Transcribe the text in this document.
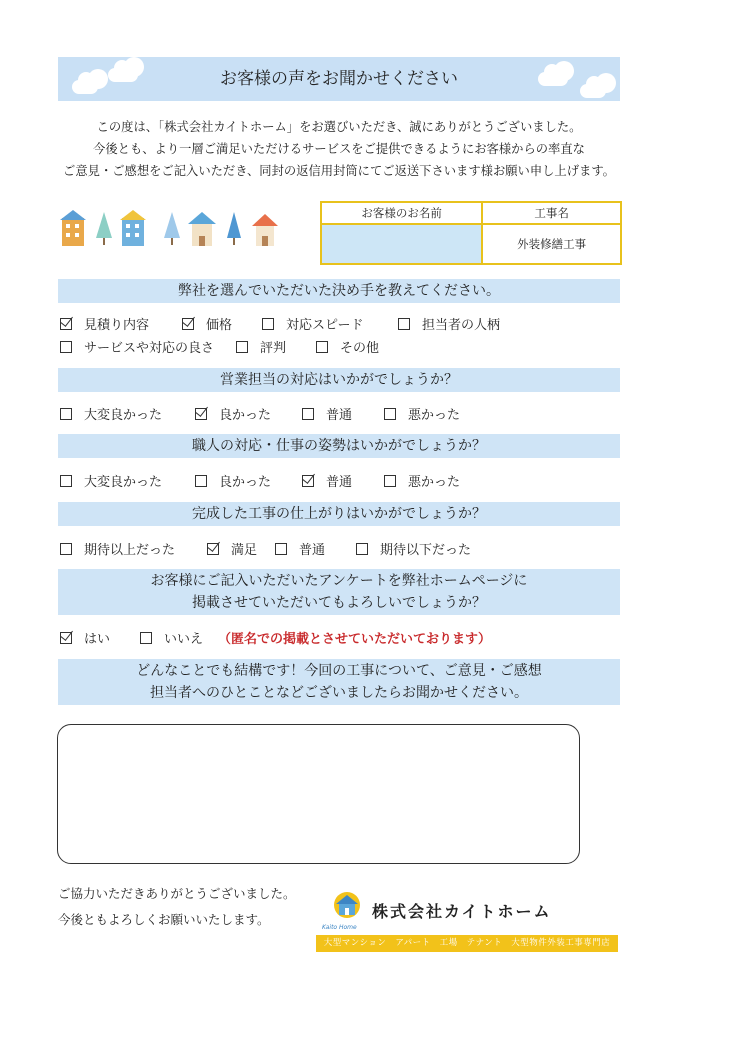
お客様の声をお聞かせください
この度は、「株式会社カイトホーム」をお選びいただき、誠にありがとうございました。
今後とも、より一層ご満足いただけるサービスをご提供できるようにお客様からの率直な
ご意見・ご感想をご記入いただき、同封の返信用封筒にてご返送下さいます様お願い申し上げます。
お客様のお名前	工事名
	外装修繕工事
弊社を選んでいただいた決め手を教えてください。
見積り内容	価格	対応スピード	担当者の人柄
サービスや対応の良さ	評判	その他
営業担当の対応はいかがでしょうか？
大変良かった	良かった	普通	悪かった
職人の対応・仕事の姿勢はいかがでしょうか？
大変良かった	良かった	普通	悪かった
完成した工事の仕上がりはいかがでしょうか？
期待以上だった	満足	普通	期待以下だった
お客様にご記入いただいたアンケートを弊社ホームページに
掲載させていただいてもよろしいでしょうか？
はい	いいえ （匿名での掲載とさせていただいております）
どんなことでも結構です！今回の工事について、ご意見・ご感想
担当者へのひとことなどございましたらお聞かせください。
ご協力いただきありがとうございました。
今後ともよろしくお願いいたします。
Kaito Home
株式会社カイトホーム
大型マンション　アパート　工場　テナント　大型物件外装工事専門店
